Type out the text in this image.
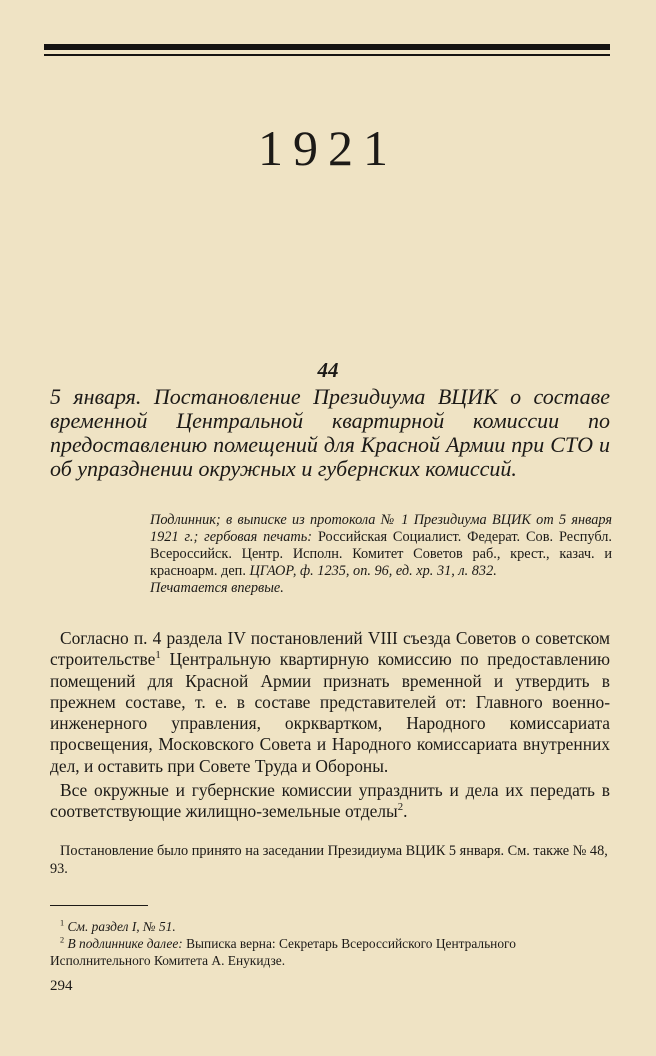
1921
44

5 января. Постановление Президиума ВЦИК о составе временной Центральной квартирной комиссии по предоставлению помещений для Красной Армии при СТО и об упразднении окружных и губернских комиссий.

Подлинник; в выписке из протокола № 1 Президиума ВЦИК от 5 января 1921 г.; гербовая печать: Российская Социалист. Федерат. Сов. Республ. Всероссийск. Центр. Исполн. Комитет Советов раб., крест., казач. и красноарм. деп. ЦГАОР, ф. 1235, оп. 96, ед. хр. 31, л. 832.
Печатается впервые.

Согласно п. 4 раздела IV постановлений VIII съезда Советов о советском строительстве$^1$ Центральную квартирную комиссию по предоставлению помещений для Красной Армии признать временной и утвердить в прежнем составе, т. е. в составе представителей от: Главного военно-инженерного управления, окрквартком, Народного комиссариата просвещения, Московского Совета и Народного комиссариата внутренних дел, и оставить при Совете Труда и Обороны.

Все окружные и губернские комиссии упразднить и дела их передать в соответствующие жилищно-земельные отделы$^2$.

Постановление было принято на заседании Президиума ВЦИК 5 января. См. также № 48, 93.

$^1$ См. раздел I, № 51.

$^2$ В подлиннике далее: Выписка верна: Секретарь Всероссийского Центрального Исполнительного Комитета А. Енукидзе.

294
